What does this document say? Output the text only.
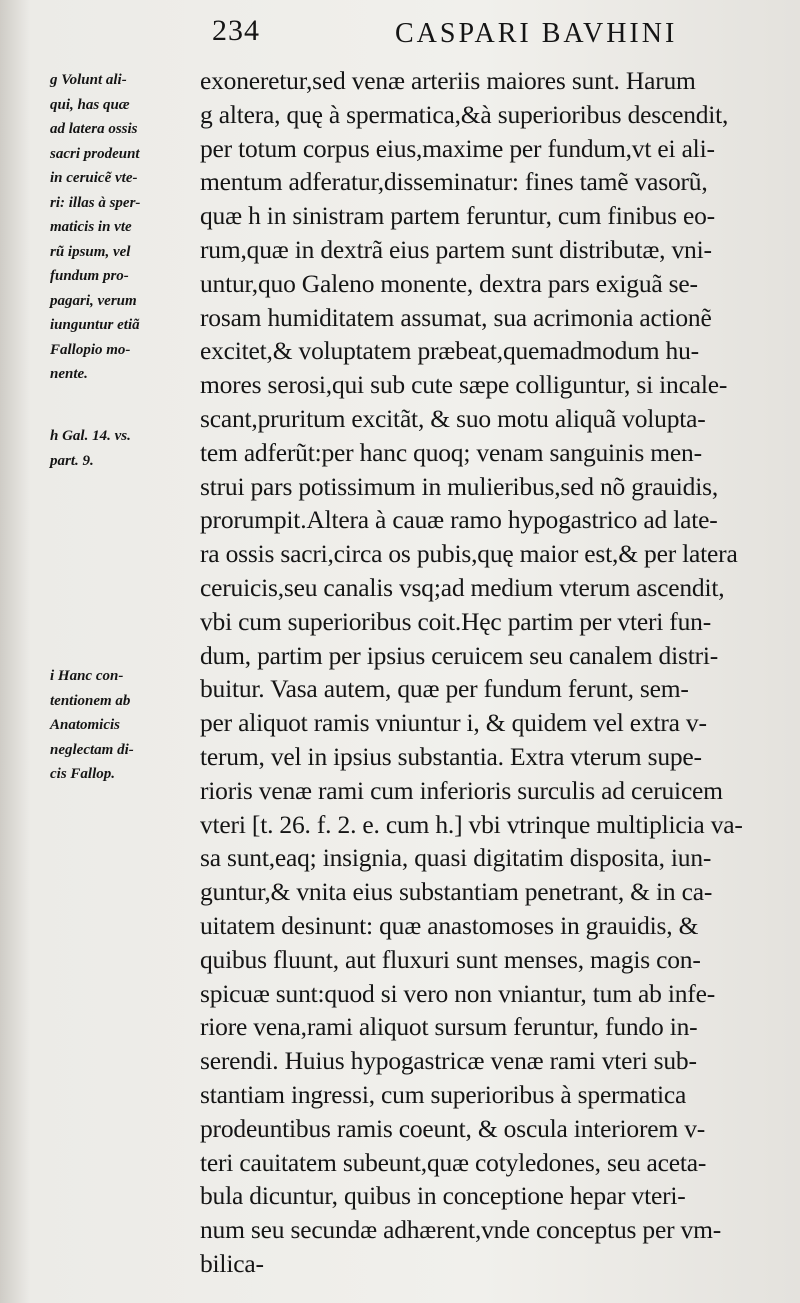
234	CASPARI BAVHINI
g Volunt ali-
qui, has quæ
ad latera ossis
sacri prodeunt
in ceruicẽ vte-
ri: illas à sper-
maticis in vte
rũ ipsum, vel
fundum pro-
pagari, verum
iunguntur etiã
Fallopio mo-
nente.
h Gal. 14. vs.
part. 9.
i Hanc con-
tentionem ab
Anatomicis
neglectam di-
cis Fallop.
exoneretur,sed venæ arteriis maiores sunt. Harum
g altera, quę à spermatica,&à superioribus descendit,
per totum corpus eius,maxime per fundum,vt ei ali-
mentum adferatur,disseminatur: fines tamẽ vasorũ,
quæ h in sinistram partem feruntur, cum finibus eo-
rum,quæ in dextrã eius partem sunt distributæ, vni-
untur,quo Galeno monente, dextra pars exiguã se-
rosam humiditatem assumat, sua acrimonia actionẽ
excitet,& voluptatem præbeat,quemadmodum hu-
mores serosi,qui sub cute sæpe colliguntur, si incale-
scant,pruritum excitãt, & suo motu aliquã volupta-
tem adferũt:per hanc quoq; venam sanguinis men-
strui pars potissimum in mulieribus,sed nõ grauidis,
prorumpit.Altera à cauæ ramo hypogastrico ad late-
ra ossis sacri,circa os pubis,quę maior est,& per latera
ceruicis,seu canalis vsq;ad medium vterum ascendit,
vbi cum superioribus coit.Hęc partim per vteri fun-
dum, partim per ipsius ceruicem seu canalem distri-
buitur. Vasa autem, quæ per fundum ferunt, sem-
per aliquot ramis vniuntur i, & quidem vel extra v-
terum, vel in ipsius substantia. Extra vterum supe-
rioris venæ rami cum inferioris surculis ad ceruicem
vteri [t. 26. f. 2. e. cum h.] vbi vtrinque multiplicia va-
sa sunt,eaq; insignia, quasi digitatim disposita, iun-
guntur,& vnita eius substantiam penetrant, & in ca-
uitatem desinunt: quæ anastomoses in grauidis, &
quibus fluunt, aut fluxuri sunt menses, magis con-
spicuæ sunt:quod si vero non vniantur, tum ab infe-
riore vena,rami aliquot sursum feruntur, fundo in-
serendi. Huius hypogastricæ venæ rami vteri sub-
stantiam ingressi, cum superioribus à spermatica
prodeuntibus ramis coeunt, & oscula interiorem v-
teri cauitatem subeunt,quæ cotyledones, seu aceta-
bula dicuntur, quibus in conceptione hepar vteri-
num seu secundæ adhærent,vnde conceptus per vm-
bilica-
